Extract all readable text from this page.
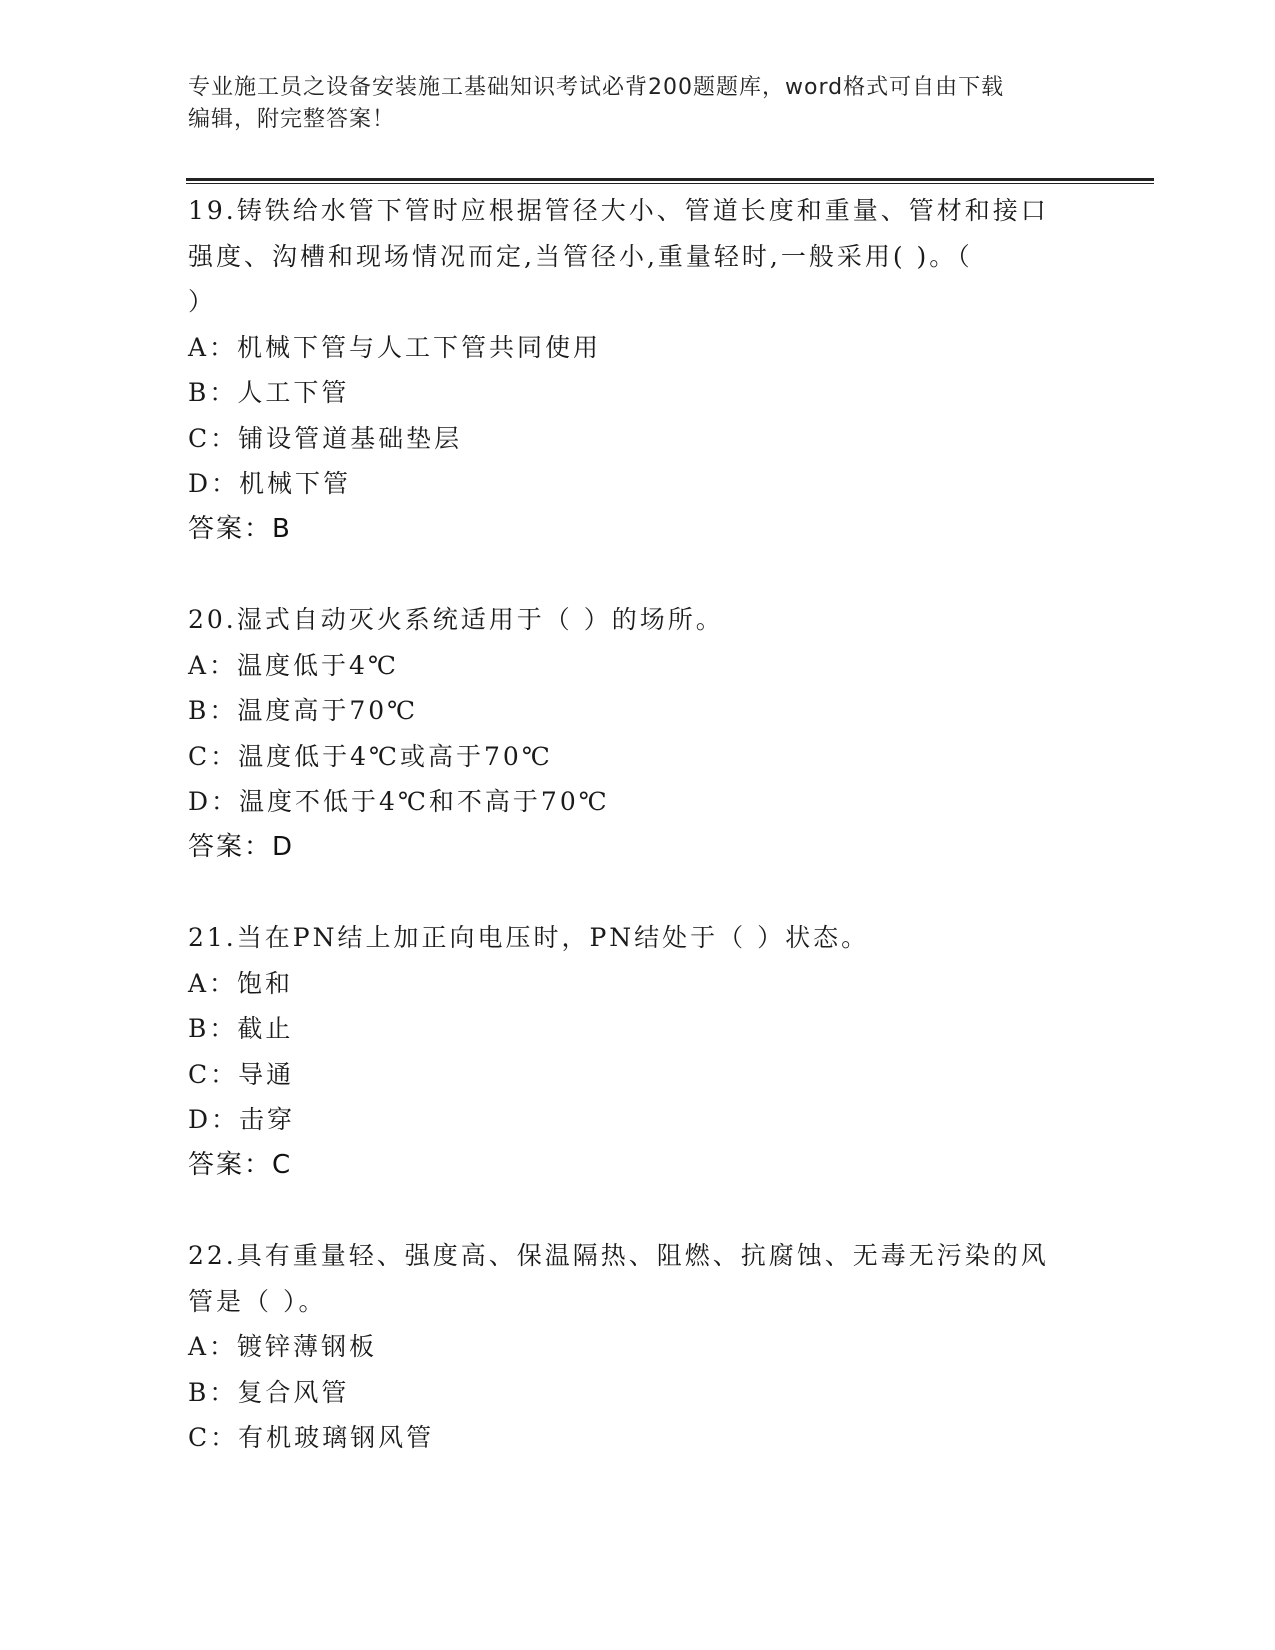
专业施工员之设备安装施工基础知识考试必背200题题库，word格式可自由下载
编辑，附完整答案！
19.铸铁给水管下管时应根据管径大小、管道长度和重量、管材和接口
强度、沟槽和现场情况而定,当管径小,重量轻时,一般采用( )。（
）
A：机械下管与人工下管共同使用
B：人工下管
C：铺设管道基础垫层
D：机械下管
答案：B
20.湿式自动灭火系统适用于（ ）的场所。
A：温度低于4℃
B：温度高于70℃
C：温度低于4℃或高于70℃
D：温度不低于4℃和不高于70℃
答案：D
21.当在PN结上加正向电压时，PN结处于（ ）状态。
A：饱和
B：截止
C：导通
D：击穿
答案：C
22.具有重量轻、强度高、保温隔热、阻燃、抗腐蚀、无毒无污染的风
管是（ ）。
A：镀锌薄钢板
B：复合风管
C：有机玻璃钢风管
